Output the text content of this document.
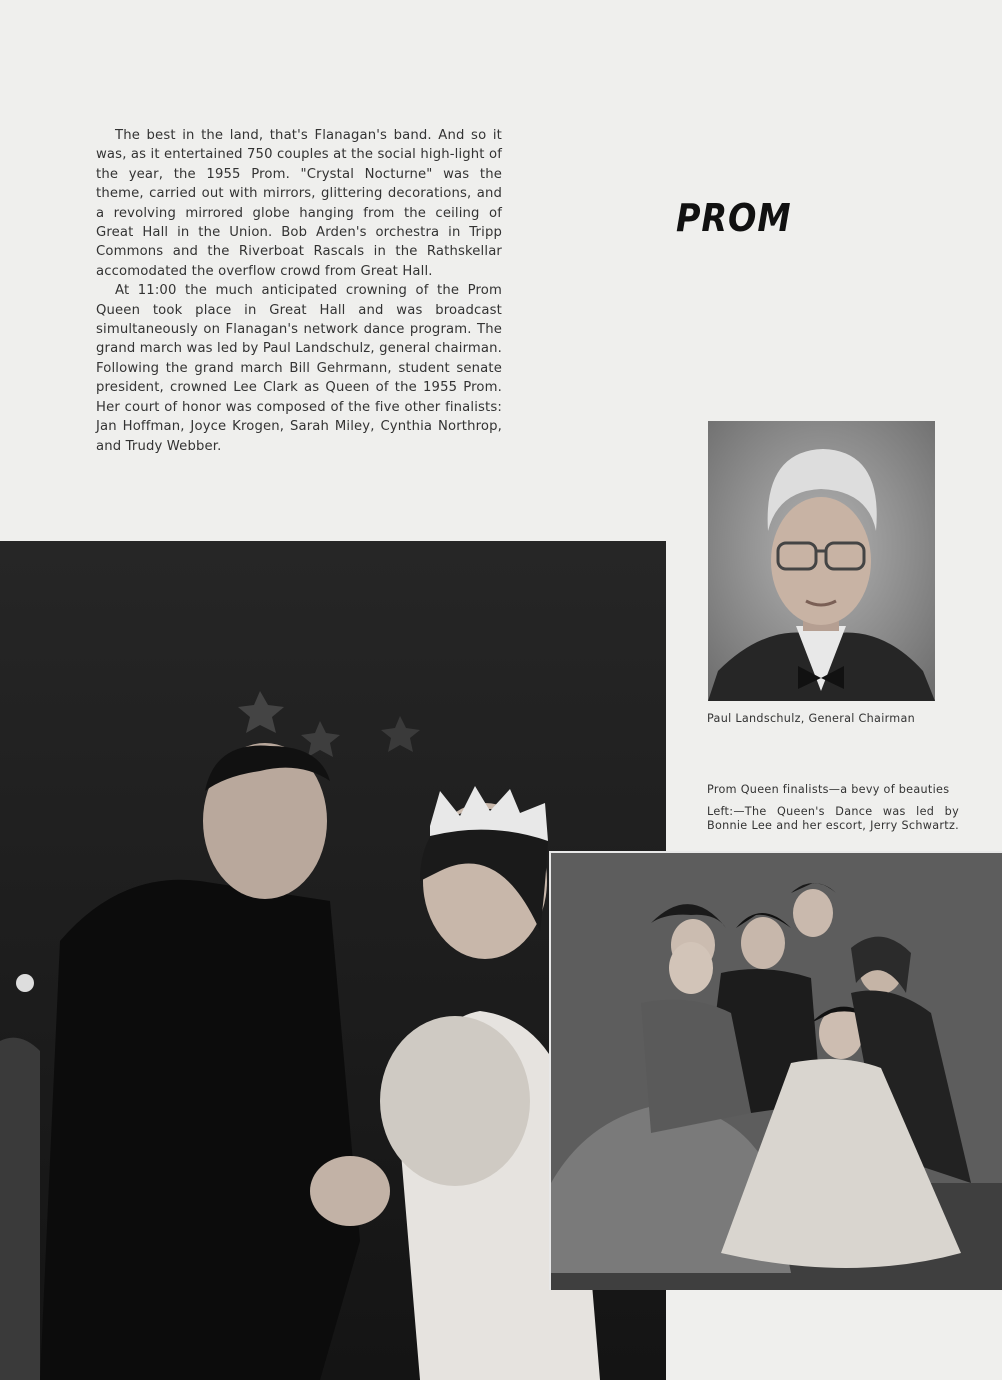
The best in the land, that's Flanagan's band. And so it was, as it entertained 750 couples at the social high-light of the year, the 1955 Prom. "Crystal Nocturne" was the theme, carried out with mirrors, glittering decorations, and a revolving mirrored globe hanging from the ceiling of Great Hall in the Union. Bob Arden's orchestra in Tripp Commons and the Riverboat Rascals in the Rathskellar accomodated the overflow crowd from Great Hall.

At 11:00 the much anticipated crowning of the Prom Queen took place in Great Hall and was broadcast simultaneously on Flanagan's network dance program. The grand march was led by Paul Landschulz, general chairman. Following the grand march Bill Gehrmann, student senate president, crowned Lee Clark as Queen of the 1955 Prom. Her court of honor was composed of the five other finalists: Jan Hoffman, Joyce Krogen, Sarah Miley, Cynthia Northrop, and Trudy Webber.

PROM
Paul Landschulz, General Chairman
Prom Queen finalists—a bevy of beauties
Left:—The Queen's Dance was led by Bonnie Lee and her escort, Jerry Schwartz.
